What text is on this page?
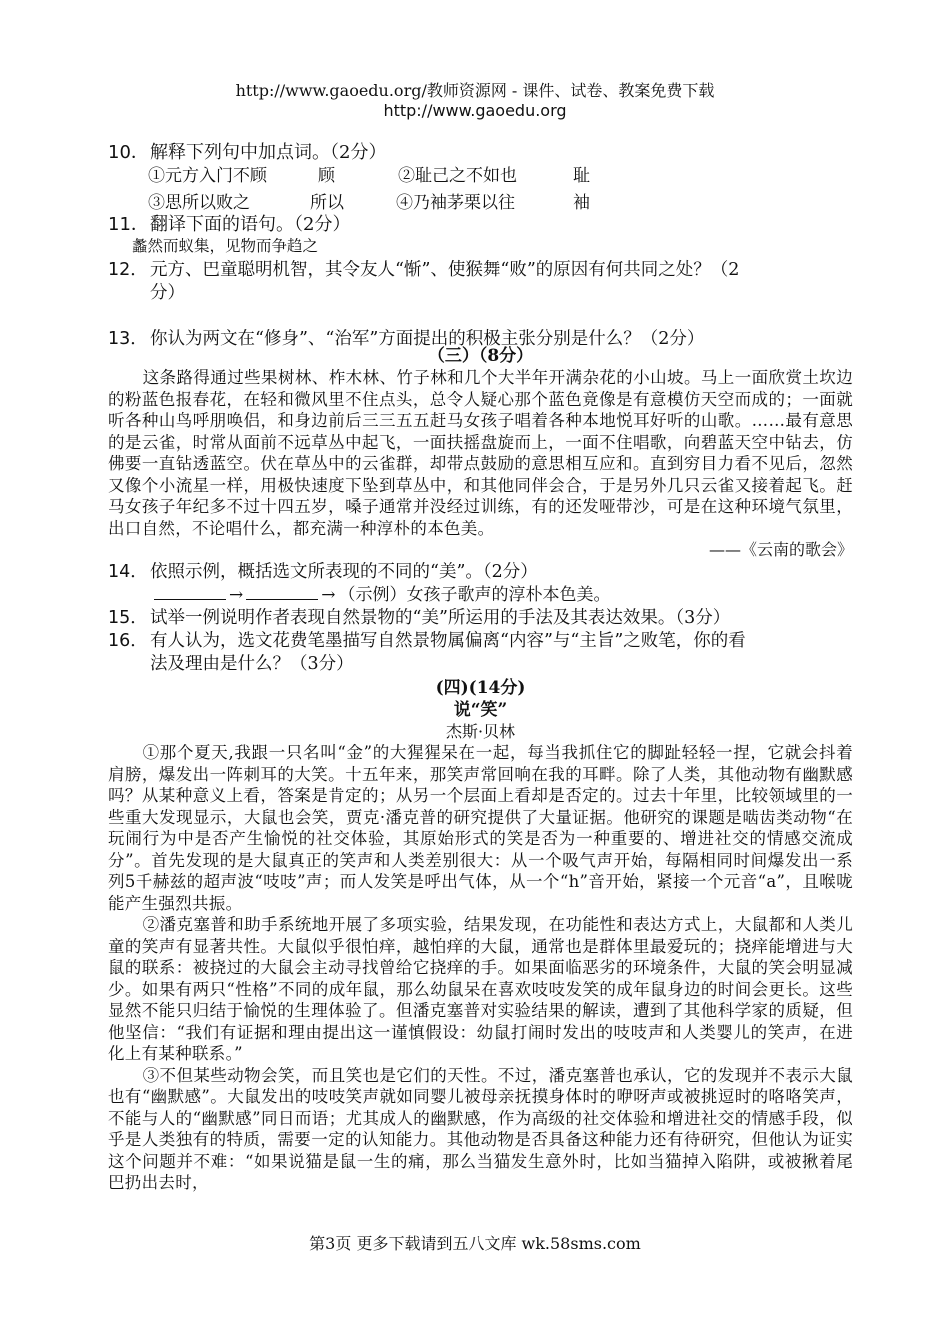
http://www.gaoedu.org/教师资源网 - 课件、试卷、教案免费下载
http://www.gaoedu.org

10．解释下列句中加点词。（2分）

①元方入门不顾	顾	②耻己之不如也	耻

③思所以败之	所以	④乃袖茅栗以往	袖

11．翻译下面的语句。（2分）

蠡然而蚁集，见物而争趋之

12． 元方、巴童聪明机智，其令友人“惭”、使猴舞“败”的原因有何共同之处？（2

分）

13． 你认为两文在“修身”、“治军”方面提出的积极主张分别是什么？（2分）

（三）（8分）

这条路得通过些果树林、柞木林、竹子林和几个大半年开满杂花的小山坡。马上一面欣赏土坎边的粉蓝色报春花，在轻和微风里不住点头，总令人疑心那个蓝色竟像是有意模仿天空而成的；一面就听各种山鸟呼朋唤侣，和身边前后三三五五赶马女孩子唱着各种本地悦耳好听的山歌。……最有意思的是云雀，时常从面前不远草丛中起飞，一面扶摇盘旋而上，一面不住唱歌，向碧蓝天空中钻去，仿佛要一直钻透蓝空。伏在草丛中的云雀群，却带点鼓励的意思相互应和。直到穷目力看不见后，忽然又像个小流星一样，用极快速度下坠到草丛中，和其他同伴会合，于是另外几只云雀又接着起飞。赶马女孩子年纪多不过十四五岁，嗓子通常并没经过训练，有的还发哑带沙，可是在这种环境气氛里，出口自然，不论唱什么，都充满一种淳朴的本色美。

——《云南的歌会》

14． 依照示例，概括选文所表现的不同的“美”。（2分）

→	→ （示例）女孩子歌声的淳朴本色美。

15． 试举一例说明作者表现自然景物的“美”所运用的手法及其表达效果。（3分）

16． 有人认为，选文花费笔墨描写自然景物属偏离“内容”与“主旨”之败笔，你的看

法及理由是什么？（3分）

(四)(14分)

说“笑”

杰斯·贝林

①那个夏天,我跟一只名叫“金”的大猩猩呆在一起，每当我抓住它的脚趾轻轻一捏，它就会抖着肩膀，爆发出一阵刺耳的大笑。十五年来，那笑声常回响在我的耳畔。除了人类，其他动物有幽默感吗？从某种意义上看，答案是肯定的；从另一个层面上看却是否定的。过去十年里，比较领域里的一些重大发现显示，大鼠也会笑，贾克·潘克普的研究提供了大量证据。他研究的课题是啮齿类动物“在玩闹行为中是否产生愉悦的社交体验，其原始形式的笑是否为一种重要的、增进社交的情感交流成分”。首先发现的是大鼠真正的笑声和人类差别很大：从一个吸气声开始，每隔相同时间爆发出一系列5千赫兹的超声波“吱吱”声；而人发笑是呼出气体，从一个“h”音开始，紧接一个元音“a”，且喉咙能产生强烈共振。

②潘克塞普和助手系统地开展了多项实验，结果发现，在功能性和表达方式上，大鼠都和人类儿童的笑声有显著共性。大鼠似乎很怕痒，越怕痒的大鼠，通常也是群体里最爱玩的；挠痒能增进与大鼠的联系：被挠过的大鼠会主动寻找曾给它挠痒的手。如果面临恶劣的环境条件，大鼠的笑会明显减少。如果有两只“性格”不同的成年鼠，那么幼鼠呆在喜欢吱吱发笑的成年鼠身边的时间会更长。这些显然不能只归结于愉悦的生理体验了。但潘克塞普对实验结果的解读，遭到了其他科学家的质疑，但他坚信：“我们有证据和理由提出这一谨慎假设：幼鼠打闹时发出的吱吱声和人类婴儿的笑声，在进化上有某种联系。”

③不但某些动物会笑，而且笑也是它们的天性。不过，潘克塞普也承认，它的发现并不表示大鼠也有“幽默感”。大鼠发出的吱吱笑声就如同婴儿被母亲抚摸身体时的咿呀声或被挑逗时的咯咯笑声，不能与人的“幽默感”同日而语；尤其成人的幽默感，作为高级的社交体验和增进社交的情感手段，似乎是人类独有的特质，需要一定的认知能力。其他动物是否具备这种能力还有待研究，但他认为证实这个问题并不难：“如果说猫是鼠一生的痛，那么当猫发生意外时，比如当猫掉入陷阱，或被揪着尾巴扔出去时，

第3页 更多下载请到五八文库 wk.58sms.com
